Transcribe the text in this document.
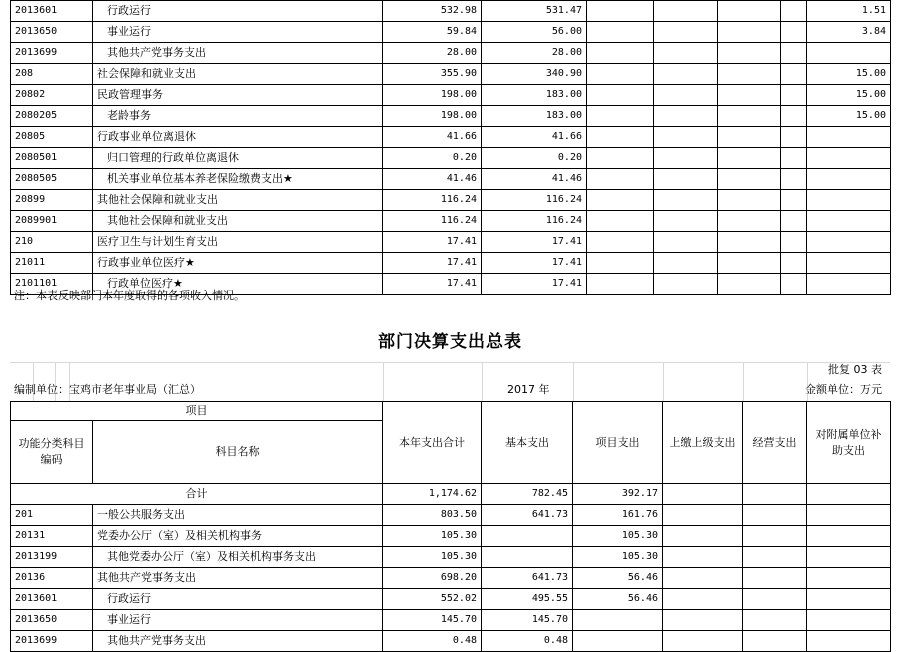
2013601	行政运行	532.98	531.47					1.51
2013650	事业运行	59.84	56.00					3.84
2013699	其他共产党事务支出	28.00	28.00					
208	社会保障和就业支出	355.90	340.90					15.00
20802	民政管理事务	198.00	183.00					15.00
2080205	老龄事务	198.00	183.00					15.00
20805	行政事业单位离退休	41.66	41.66					
2080501	归口管理的行政单位离退休	0.20	0.20					
2080505	机关事业单位基本养老保险缴费支出★	41.46	41.46					
20899	其他社会保障和就业支出	116.24	116.24					
2089901	其他社会保障和就业支出	116.24	116.24					
210	医疗卫生与计划生育支出	17.41	17.41					
21011	行政事业单位医疗★	17.41	17.41					
2101101	行政单位医疗★	17.41	17.41					
注：本表反映部门本年度取得的各项收入情况。
部门决算支出总表
批复 03 表
编制单位：宝鸡市老年事业局（汇总）	2017 年	金额单位：万元
项目		本年支出合计	基本支出	项目支出	上缴上级支出	经营支出	对附属单位补助支出
功能分类科目编码	科目名称						
合计		1,174.62	782.45	392.17			
201	一般公共服务支出	803.50	641.73	161.76			
20131	党委办公厅（室）及相关机构事务	105.30		105.30			
2013199	其他党委办公厅（室）及相关机构事务支出	105.30		105.30			
20136	其他共产党事务支出	698.20	641.73	56.46			
2013601	行政运行	552.02	495.55	56.46			
2013650	事业运行	145.70	145.70				
2013699	其他共产党事务支出	0.48	0.48				
